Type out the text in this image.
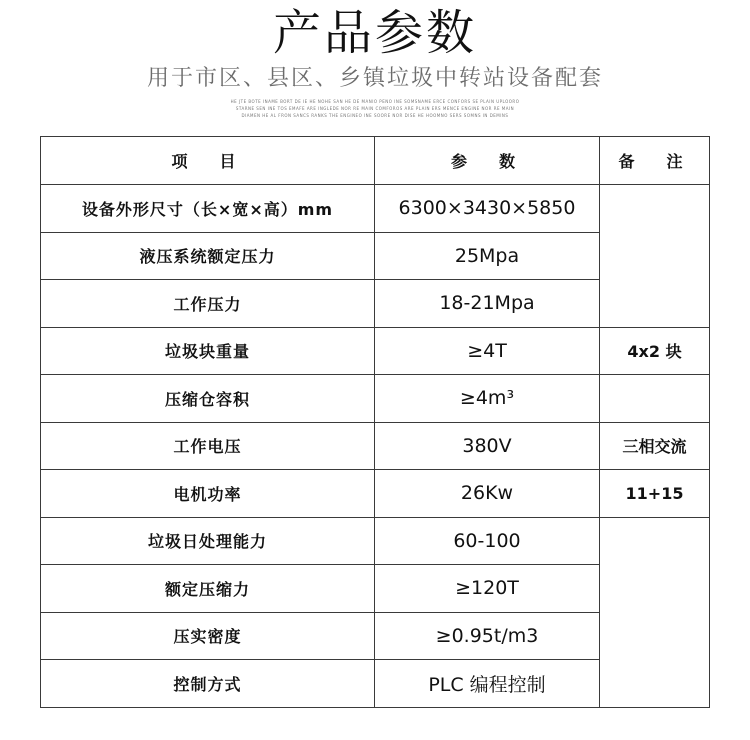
产品参数
用于市区、县区、乡镇垃圾中转站设备配套
HE JTE BOTE INAME BORT DE IE HE NOHE SAN HE DE MANIO PENO INE SOMSNAME ERCE CONFORS SE PLAIN UPLOORO
STARNE SEN INE TOS EMAFE ARE INGLEDE NOR RE MAIN COMFOROS ARE PLAIN ERS MENCE ENGINE NOR RE MAIN
DIAMEN HE AL FRON SANCS RANKS THE ENGINEO INE SOORE NOR DISE HE HOOMNO SERS SOMNS IN DEMINS
项　目	参　数	备　注
设备外形尺寸（长×宽×高）mm	6300×3430×5850	
液压系统额定压力	25Mpa	
工作压力	18-21Mpa	
垃圾块重量	≥4T	4x2 块
压缩仓容积	≥4m³	
工作电压	380V	三相交流
电机功率	26Kw	11+15
垃圾日处理能力	60-100	
额定压缩力	≥120T	
压实密度	≥0.95t/m3	
控制方式	PLC 编程控制	
